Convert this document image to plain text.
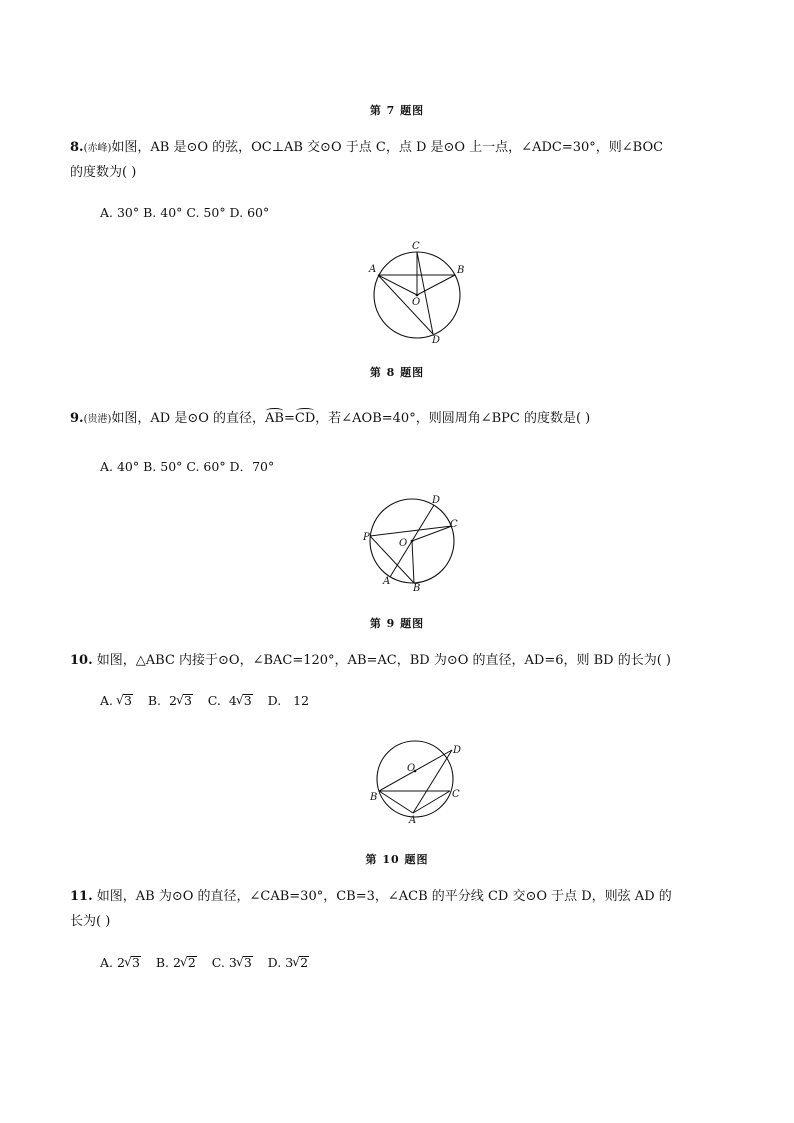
第 7 题图
8.(赤峰)如图，AB 是⊙O 的弦，OC⊥AB 交⊙O 于点 C，点 D 是⊙O 上一点，∠ADC=30°，则∠BOC
的度数为( )
A. 30° B. 40° C. 50° D. 60°
A	B
C
D
O
第 8 题图
9.(贵港)如图，AD 是⊙O 的直径，AB=CD，若∠AOB=40°，则圆周角∠BPC 的度数是( )
A. 40° B. 50° C. 60° D．70°
D
C
P
O
A
B
第 9 题图
10. 如图，△ABC 内接于⊙O，∠BAC=120°，AB=AC，BD 为⊙O 的直径，AD=6，则 BD 的长为( )
A. √ 3 B. 2 √ 3 C. 4 √ 3 D. 12
D
O
B	C
A
第 10 题图
11. 如图，AB 为⊙O 的直径，∠CAB=30°，CB=3，∠ACB 的平分线 CD 交⊙O 于点 D，则弦 AD 的
长为( )
A. 2 √ 3 B. 2 √ 2 C. 3 √ 3 D. 3 √ 2
